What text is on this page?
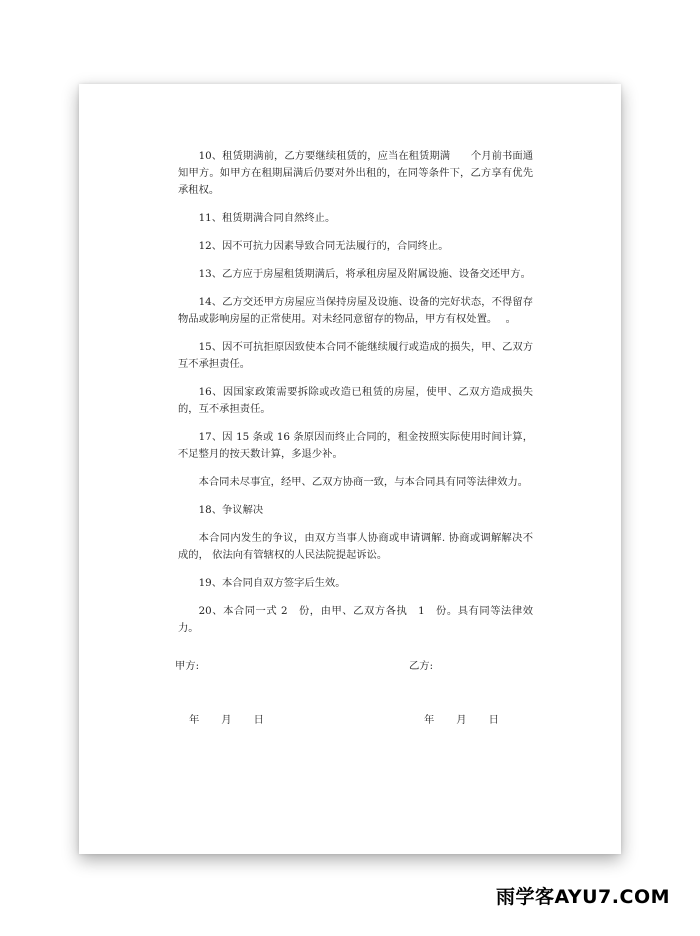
10、租赁期满前，乙方要继续租赁的，应当在租赁期满　　个月前书面通知甲方。如甲方在租期届满后仍要对外出租的，在同等条件下，乙方享有优先承租权。

11、租赁期满合同自然终止。

12、因不可抗力因素导致合同无法履行的，合同终止。

13、乙方应于房屋租赁期满后，将承租房屋及附属设施、设备交还甲方。

14、乙方交还甲方房屋应当保持房屋及设施、设备的完好状态，不得留存物品或影响房屋的正常使用。对未经同意留存的物品，甲方有权处置。　 。

15、因不可抗拒原因致使本合同不能继续履行或造成的损失，甲、乙双方互不承担责任。

16、因国家政策需要拆除或改造已租赁的房屋，使甲、乙双方造成损失的，互不承担责任。

17、因 15 条或 16 条原因而终止合同的，租金按照实际使用时间计算，不足整月的按天数计算，多退少补。

本合同未尽事宜，经甲、乙双方协商一致，与本合同具有同等法律效力。

18、争议解决

本合同内发生的争议，由双方当事人协商或申请调解. 协商或调解解决不成的， 依法向有管辖权的人民法院提起诉讼。

19、本合同自双方签字后生效。

20、本合同一式 2　份，由甲、乙双方各执　1　份。具有同等法律效力。

甲方:	乙方:
年 月 日	年 月 日
雨学客AYU7.COM
